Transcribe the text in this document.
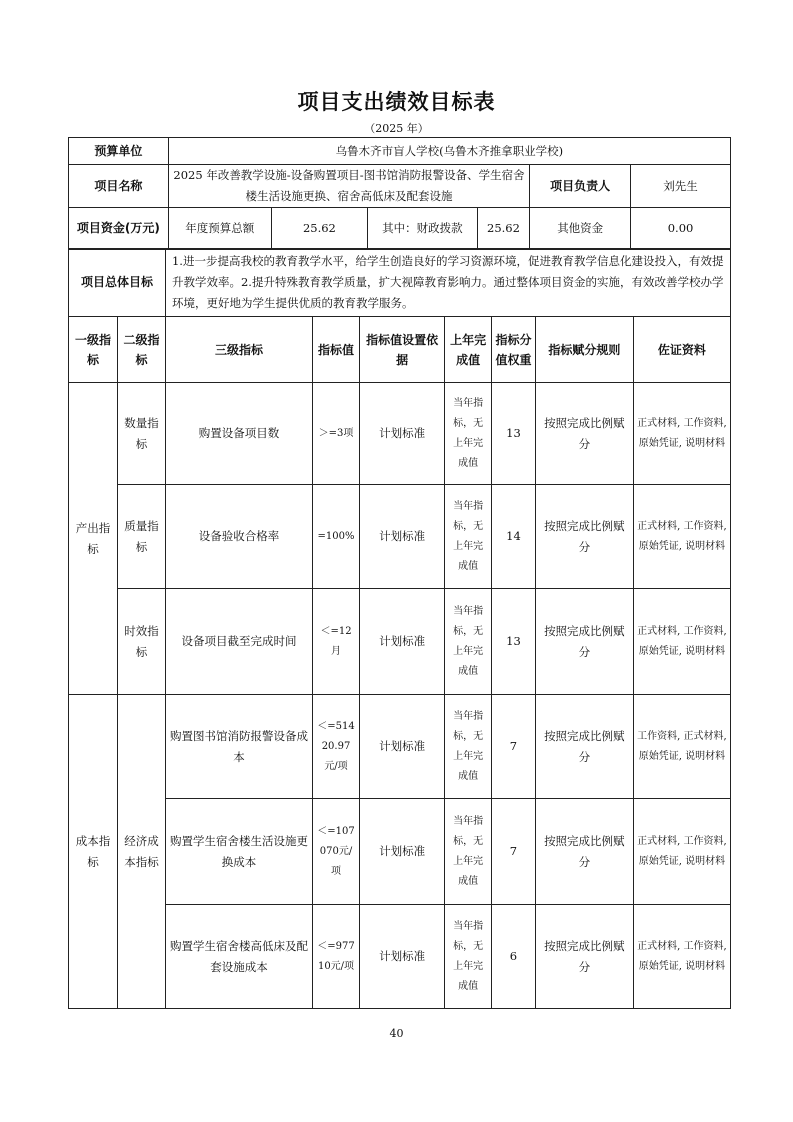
项目支出绩效目标表
（2025 年）
预算单位	乌鲁木齐市盲人学校(乌鲁木齐推拿职业学校)					
项目名称	2025 年改善教学设施-设备购置项目-图书馆消防报警设备、学生宿舍楼生活设施更换、宿舍高低床及配套设施				项目负责人	刘先生
项目资金(万元)	年度预算总额	25.62	其中：财政拨款	25.62	其他资金	0.00
项目总体目标		1.进一步提高我校的教育教学水平，给学生创造良好的学习资源环境，促进教育教学信息化建设投入，有效提升教学效率。2.提升特殊教育教学质量，扩大视障教育影响力。通过整体项目资金的实施，有效改善学校办学环境，更好地为学生提供优质的教育教学服务。						
一级指标	二级指标	三级指标	指标值	指标值设置依据	上年完成值	指标分值权重	指标赋分规则	佐证资料
产出指标	数量指标	购置设备项目数	＞=3项	计划标准	当年指标，无上年完成值	13	按照完成比例赋分	正式材料, 工作资料, 原始凭证, 说明材料
	质量指标	设备验收合格率	=100%	计划标准	当年指标，无上年完成值	14	按照完成比例赋分	正式材料, 工作资料, 原始凭证, 说明材料
	时效指标	设备项目截至完成时间	＜=12月	计划标准	当年指标，无上年完成值	13	按照完成比例赋分	正式材料, 工作资料, 原始凭证, 说明材料
成本指标	经济成本指标	购置图书馆消防报警设备成本	＜=51420.97元/项	计划标准	当年指标，无上年完成值	7	按照完成比例赋分	工作资料, 正式材料, 原始凭证, 说明材料
		购置学生宿舍楼生活设施更换成本	＜=107070元/项	计划标准	当年指标，无上年完成值	7	按照完成比例赋分	正式材料, 工作资料, 原始凭证, 说明材料
		购置学生宿舍楼高低床及配套设施成本	＜=97710元/项	计划标准	当年指标，无上年完成值	6	按照完成比例赋分	正式材料, 工作资料, 原始凭证, 说明材料
40
